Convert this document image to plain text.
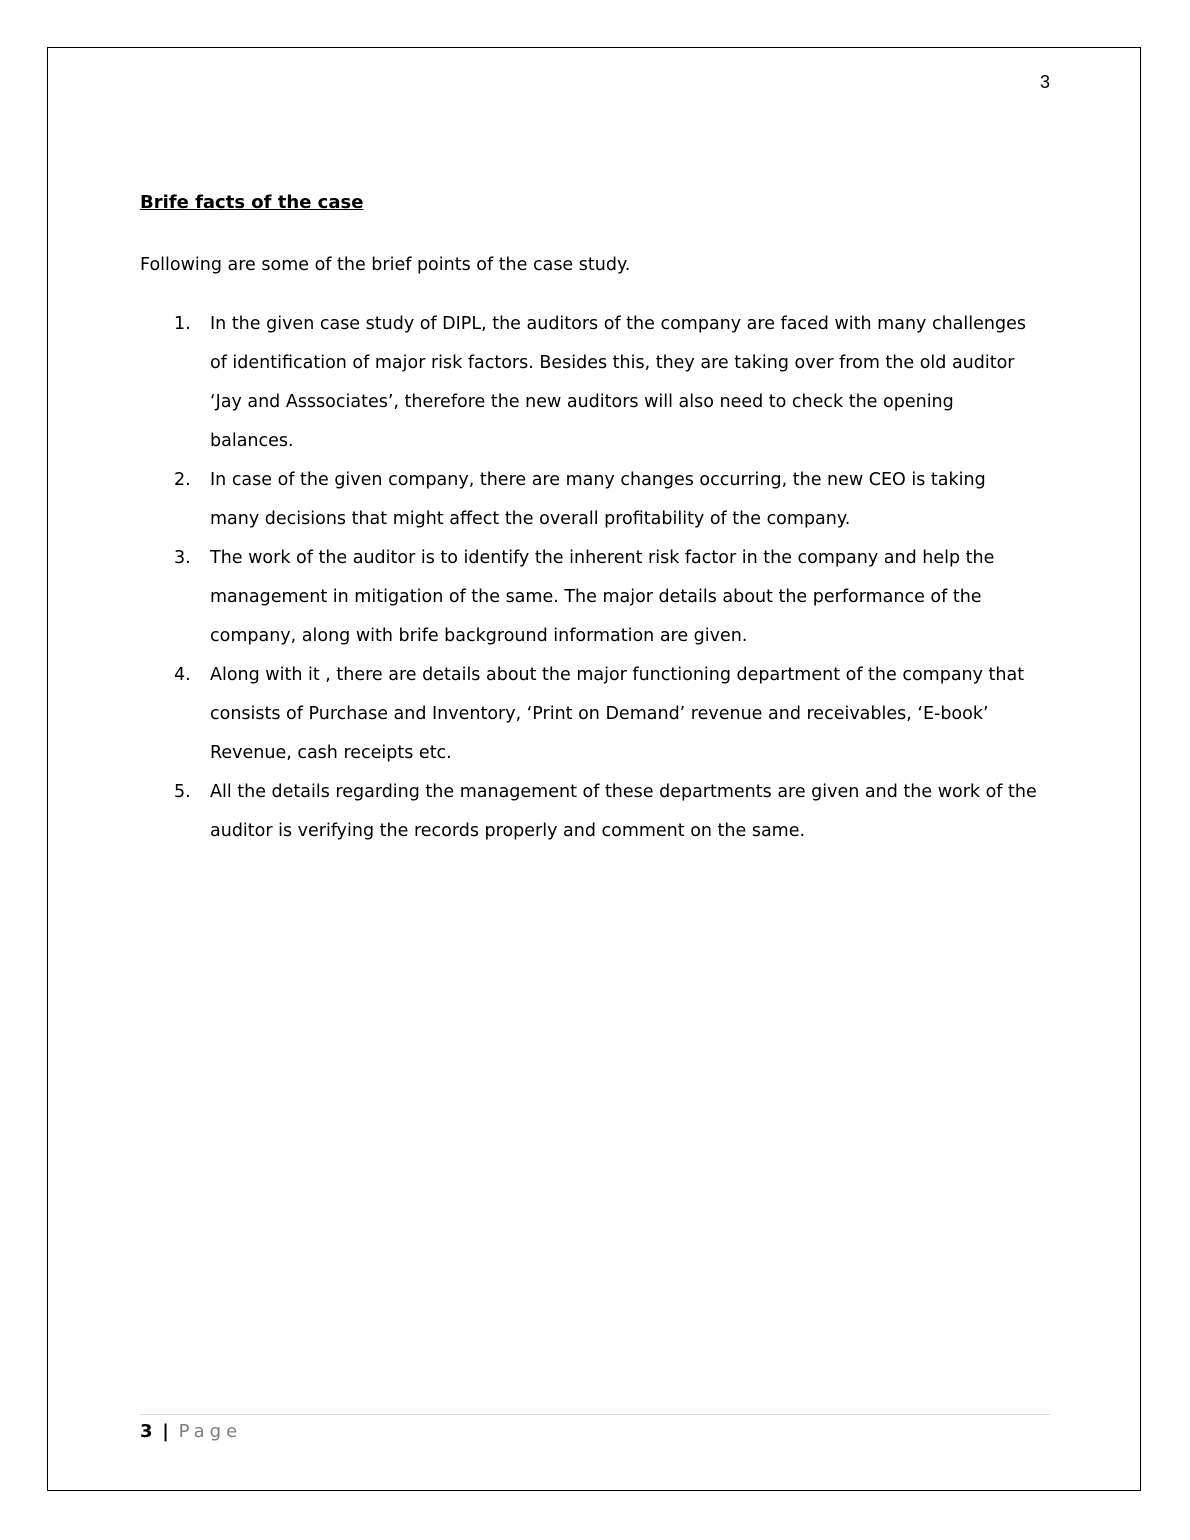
3

Brife facts of the case

Following are some of the brief points of the case study.

1. In the given case study of DIPL, the auditors of the company are faced with many challenges of identification of major risk factors. Besides this, they are taking over from the old auditor ‘Jay and Asssociates’, therefore the new auditors will also need to check the opening balances.
2. In case of the given company, there are many changes occurring, the new CEO is taking many decisions that might affect the overall profitability of the company.
3. The work of the auditor is to identify the inherent risk factor in the company and help the management in mitigation of the same. The major details about the performance of the company, along with brife background information are given.
4. Along with it , there are details about the major functioning department of the company that consists of Purchase and Inventory, ‘Print on Demand’ revenue and receivables, ‘E-book’ Revenue, cash receipts etc.
5. All the details regarding the management of these departments are given and the work of the auditor is verifying the records properly and comment on the same.
3 | Page
